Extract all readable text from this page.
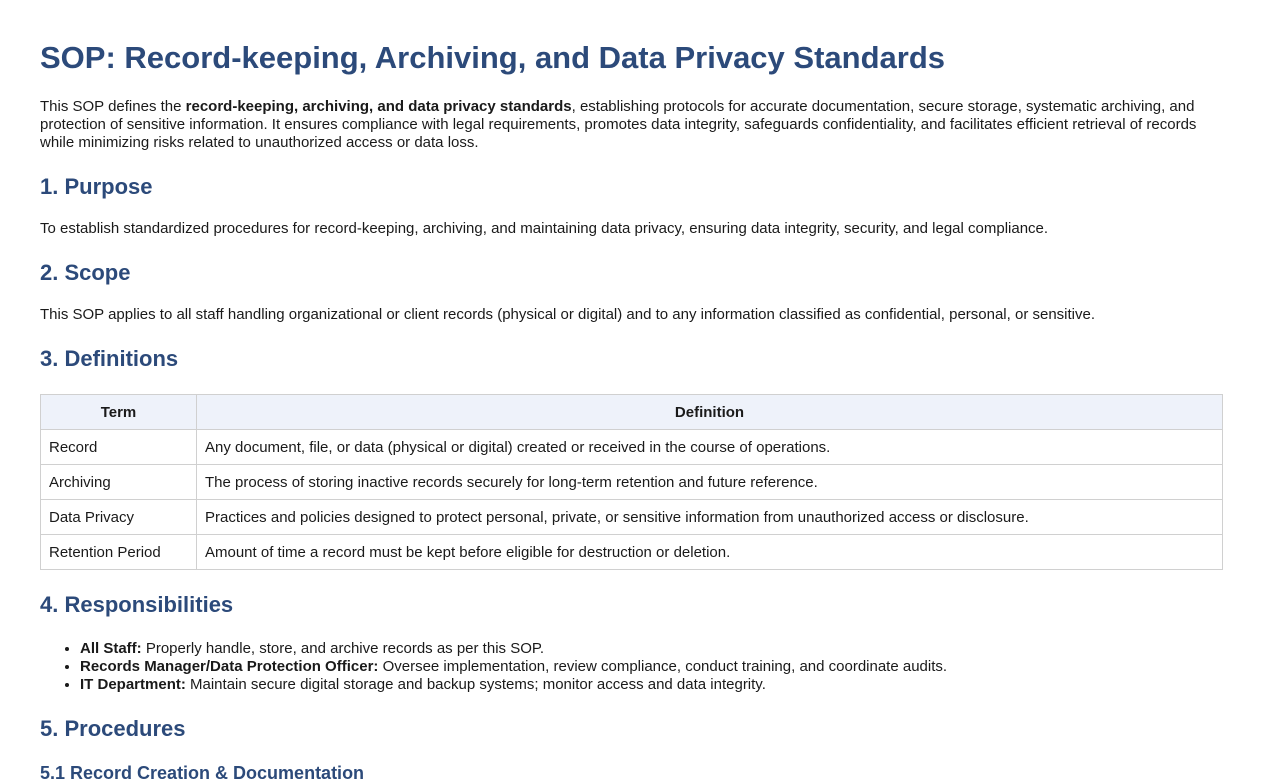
SOP: Record-keeping, Archiving, and Data Privacy Standards

This SOP defines the record-keeping, archiving, and data privacy standards, establishing protocols for accurate documentation, secure storage, systematic archiving, and protection of sensitive information. It ensures compliance with legal requirements, promotes data integrity, safeguards confidentiality, and facilitates efficient retrieval of records while minimizing risks related to unauthorized access or data loss.

1. Purpose

To establish standardized procedures for record-keeping, archiving, and maintaining data privacy, ensuring data integrity, security, and legal compliance.

2. Scope

This SOP applies to all staff handling organizational or client records (physical or digital) and to any information classified as confidential, personal, or sensitive.

3. Definitions
Term	Definition
Record	Any document, file, or data (physical or digital) created or received in the course of operations.
Archiving	The process of storing inactive records securely for long-term retention and future reference.
Data Privacy	Practices and policies designed to protect personal, private, or sensitive information from unauthorized access or disclosure.
Retention Period	Amount of time a record must be kept before eligible for destruction or deletion.
4. Responsibilities
• All Staff: Properly handle, store, and archive records as per this SOP.
• Records Manager/Data Protection Officer: Oversee implementation, review compliance, conduct training, and coordinate audits.
• IT Department: Maintain secure digital storage and backup systems; monitor access and data integrity.
5. Procedures
5.1 Record Creation & Documentation
